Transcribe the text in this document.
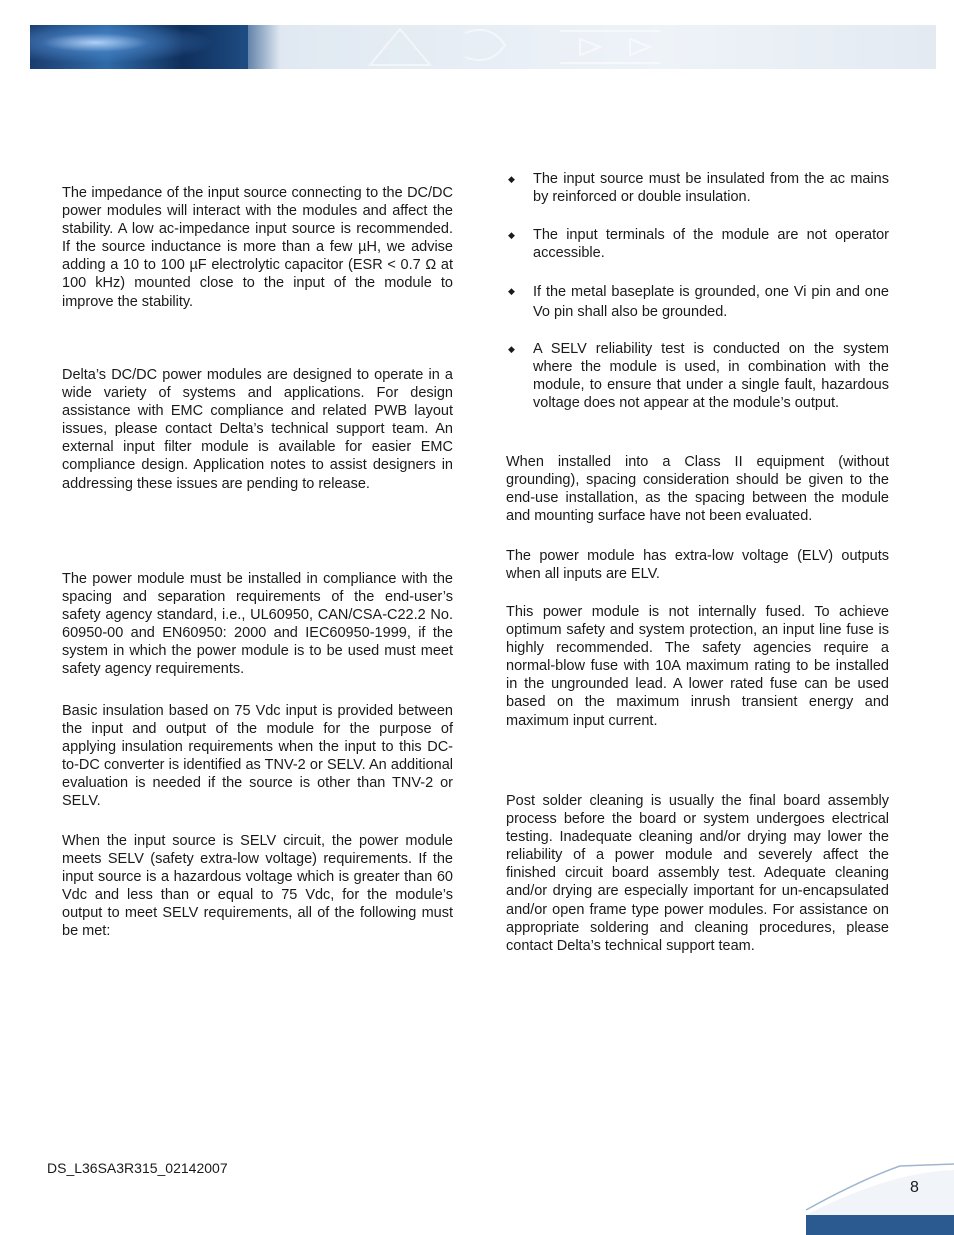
The impedance of the input source connecting to the DC/DC power modules will interact with the modules and affect the stability. A low ac-impedance input source is recommended. If the source inductance is more than a few µH, we advise adding a 10 to 100 µF electrolytic capacitor (ESR < 0.7 Ω at 100 kHz) mounted close to the input of the module to improve the stability.

Delta’s DC/DC power modules are designed to operate in a wide variety of systems and applications. For design assistance with EMC compliance and related PWB layout issues, please contact Delta’s technical support team. An external input filter module is available for easier EMC compliance design. Application notes to assist designers in addressing these issues are pending to release.

The power module must be installed in compliance with the spacing and separation requirements of the end-user’s safety agency standard, i.e., UL60950, CAN/CSA-C22.2 No. 60950-00 and EN60950: 2000 and IEC60950-1999, if the system in which the power module is to be used must meet safety agency requirements.

Basic insulation based on 75 Vdc input is provided between the input and output of the module for the purpose of applying insulation requirements when the input to this DC-to-DC converter is identified as TNV-2 or SELV. An additional evaluation is needed if the source is other than TNV-2 or SELV.

When the input source is SELV circuit, the power module meets SELV (safety extra-low voltage) requirements. If the input source is a hazardous voltage which is greater than 60 Vdc and less than or equal to 75 Vdc, for the module’s output to meet SELV requirements, all of the following must be met:

◆ The input source must be insulated from the ac mains by reinforced or double insulation.
◆ The input terminals of the module are not operator accessible.
◆ If the metal baseplate is grounded, one Vi pin and one Vo pin shall also be grounded.
◆ A SELV reliability test is conducted on the system where the module is used, in combination with the module, to ensure that under a single fault, hazardous voltage does not appear at the module’s output.

When installed into a Class II equipment (without grounding), spacing consideration should be given to the end-use installation, as the spacing between the module and mounting surface have not been evaluated.

The power module has extra-low voltage (ELV) outputs when all inputs are ELV.

This power module is not internally fused. To achieve optimum safety and system protection, an input line fuse is highly recommended. The safety agencies require a normal-blow fuse with 10A maximum rating to be installed in the ungrounded lead. A lower rated fuse can be used based on the maximum inrush transient energy and maximum input current.

Post solder cleaning is usually the final board assembly process before the board or system undergoes electrical testing. Inadequate cleaning and/or drying may lower the reliability of a power module and severely affect the finished circuit board assembly test. Adequate cleaning and/or drying are especially important for un-encapsulated and/or open frame type power modules. For assistance on appropriate soldering and cleaning procedures, please contact Delta’s technical support team.

DS_L36SA3R315_02142007
8
